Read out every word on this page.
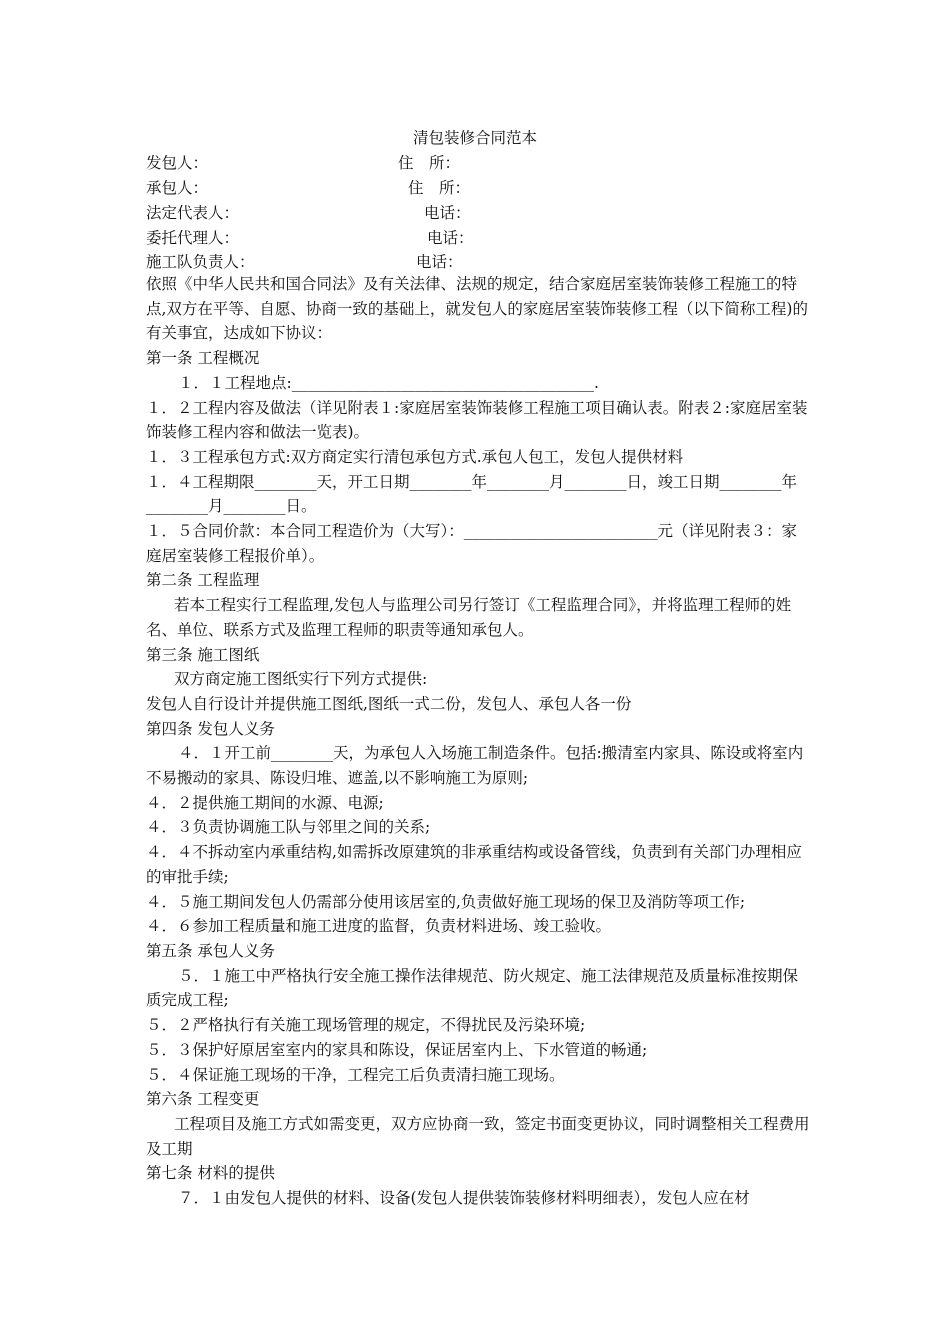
清包装修合同范本
发包人：	住　所：
承包人：	住　所：
法定代表人：	电话：
委托代理人：	电话：
施工队负责人：	电话：

依照《中华人民共和国合同法》及有关法律、法规的规定，结合家庭居室装饰装修工程施工的特点,双方在平等、自愿、协商一致的基础上，就发包人的家庭居室装饰装修工程（以下简称工程)的有关事宜，达成如下协议：

第一条 工程概况

１．１工程地点:_______________________________________.

１．２工程内容及做法（详见附表１:家庭居室装饰装修工程施工项目确认表。附表２:家庭居室装饰装修工程内容和做法一览表)。

１．３工程承包方式:双方商定实行清包承包方式.承包人包工，发包人提供材料

１．４工程期限________天，开工日期________年________月________日，竣工日期________年________月________日。

１．５合同价款：本合同工程造价为（大写）：_________________________元（详见附表３：家庭居室装修工程报价单）。

第二条 工程监理

若本工程实行工程监理,发包人与监理公司另行签订《工程监理合同》，并将监理工程师的姓名、单位、联系方式及监理工程师的职责等通知承包人。

第三条 施工图纸

双方商定施工图纸实行下列方式提供:

发包人自行设计并提供施工图纸,图纸一式二份，发包人、承包人各一份

第四条 发包人义务

４．１开工前________天，为承包人入场施工制造条件。包括:搬清室内家具、陈设或将室内不易搬动的家具、陈设归堆、遮盖,以不影响施工为原则;

４．２提供施工期间的水源、电源;

４．３负责协调施工队与邻里之间的关系;

４．４不拆动室内承重结构,如需拆改原建筑的非承重结构或设备管线，负责到有关部门办理相应的审批手续;

４．５施工期间发包人仍需部分使用该居室的,负责做好施工现场的保卫及消防等项工作;

４．６参加工程质量和施工进度的监督，负责材料进场、竣工验收。

第五条 承包人义务

５．１施工中严格执行安全施工操作法律规范、防火规定、施工法律规范及质量标准按期保质完成工程;

５．２严格执行有关施工现场管理的规定，不得扰民及污染环境;

５．３保护好原居室室内的家具和陈设，保证居室内上、下水管道的畅通;

５．４保证施工现场的干净，工程完工后负责清扫施工现场。

第六条 工程变更

工程项目及施工方式如需变更，双方应协商一致，签定书面变更协议，同时调整相关工程费用及工期

第七条 材料的提供

７．１由发包人提供的材料、设备(发包人提供装饰装修材料明细表），发包人应在材
